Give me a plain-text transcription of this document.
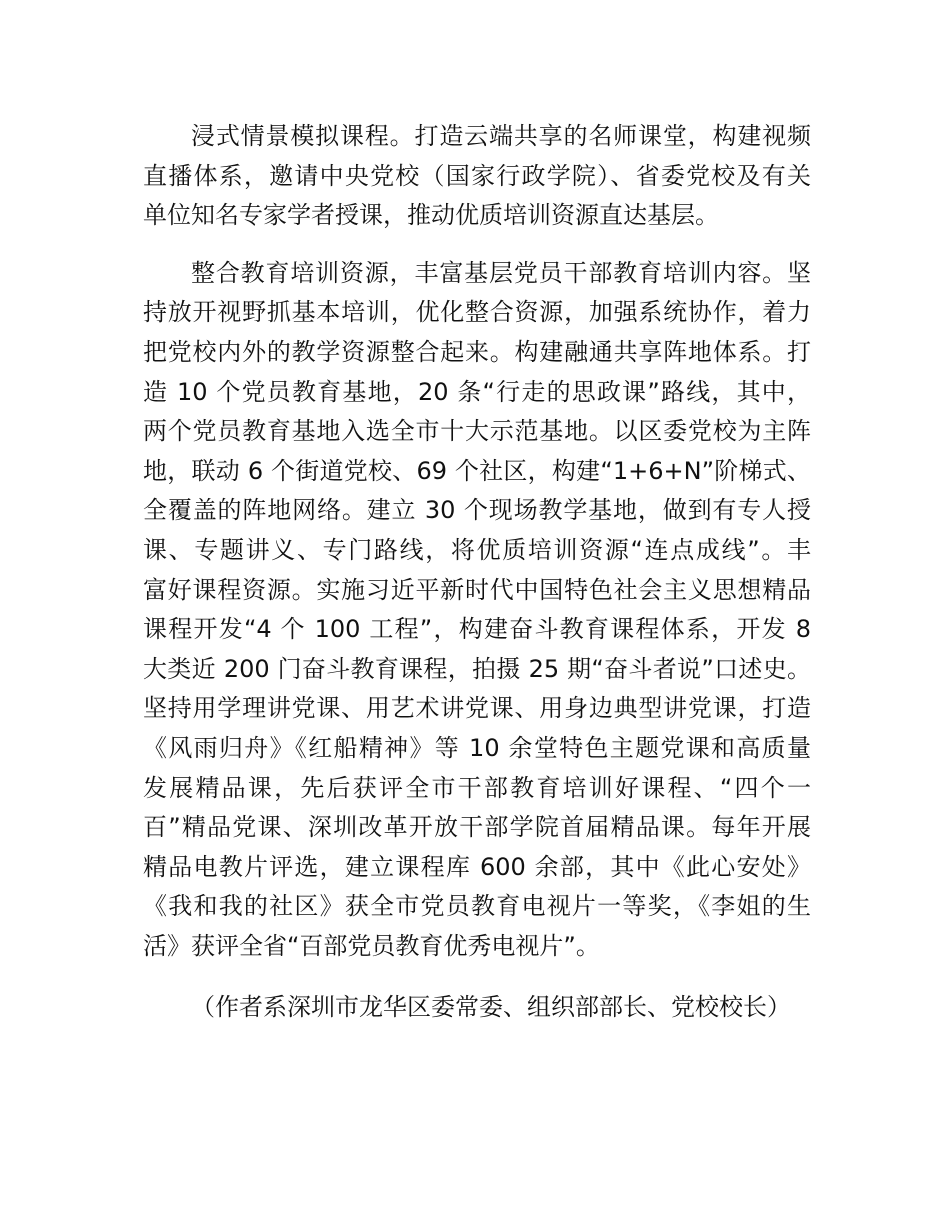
浸式情景模拟课程。打造云端共享的名师课堂，构建视频
直播体系，邀请中央党校（国家行政学院）、省委党校及有关
单位知名专家学者授课，推动优质培训资源直达基层。
整合教育培训资源，丰富基层党员干部教育培训内容。坚
持放开视野抓基本培训，优化整合资源，加强系统协作，着力
把党校内外的教学资源整合起来。构建融通共享阵地体系。打
造 10 个党员教育基地，20 条“行走的思政课”路线，其中，
两个党员教育基地入选全市十大示范基地。以区委党校为主阵
地，联动 6 个街道党校、69 个社区，构建“1+6+N”阶梯式、
全覆盖的阵地网络。建立 30 个现场教学基地，做到有专人授
课、专题讲义、专门路线，将优质培训资源“连点成线”。丰
富好课程资源。实施习近平新时代中国特色社会主义思想精品
课程开发“4 个 100 工程”，构建奋斗教育课程体系，开发 8
大类近 200 门奋斗教育课程，拍摄 25 期“奋斗者说”口述史。
坚持用学理讲党课、用艺术讲党课、用身边典型讲党课，打造
《风雨归舟》《红船精神》等 10 余堂特色主题党课和高质量
发展精品课，先后获评全市干部教育培训好课程、“四个一
百”精品党课、深圳改革开放干部学院首届精品课。每年开展
精品电教片评选，建立课程库 600 余部，其中《此心安处》
《我和我的社区》获全市党员教育电视片一等奖，《李姐的生
活》获评全省“百部党员教育优秀电视片”。
（作者系深圳市龙华区委常委、组织部部长、党校校长）
